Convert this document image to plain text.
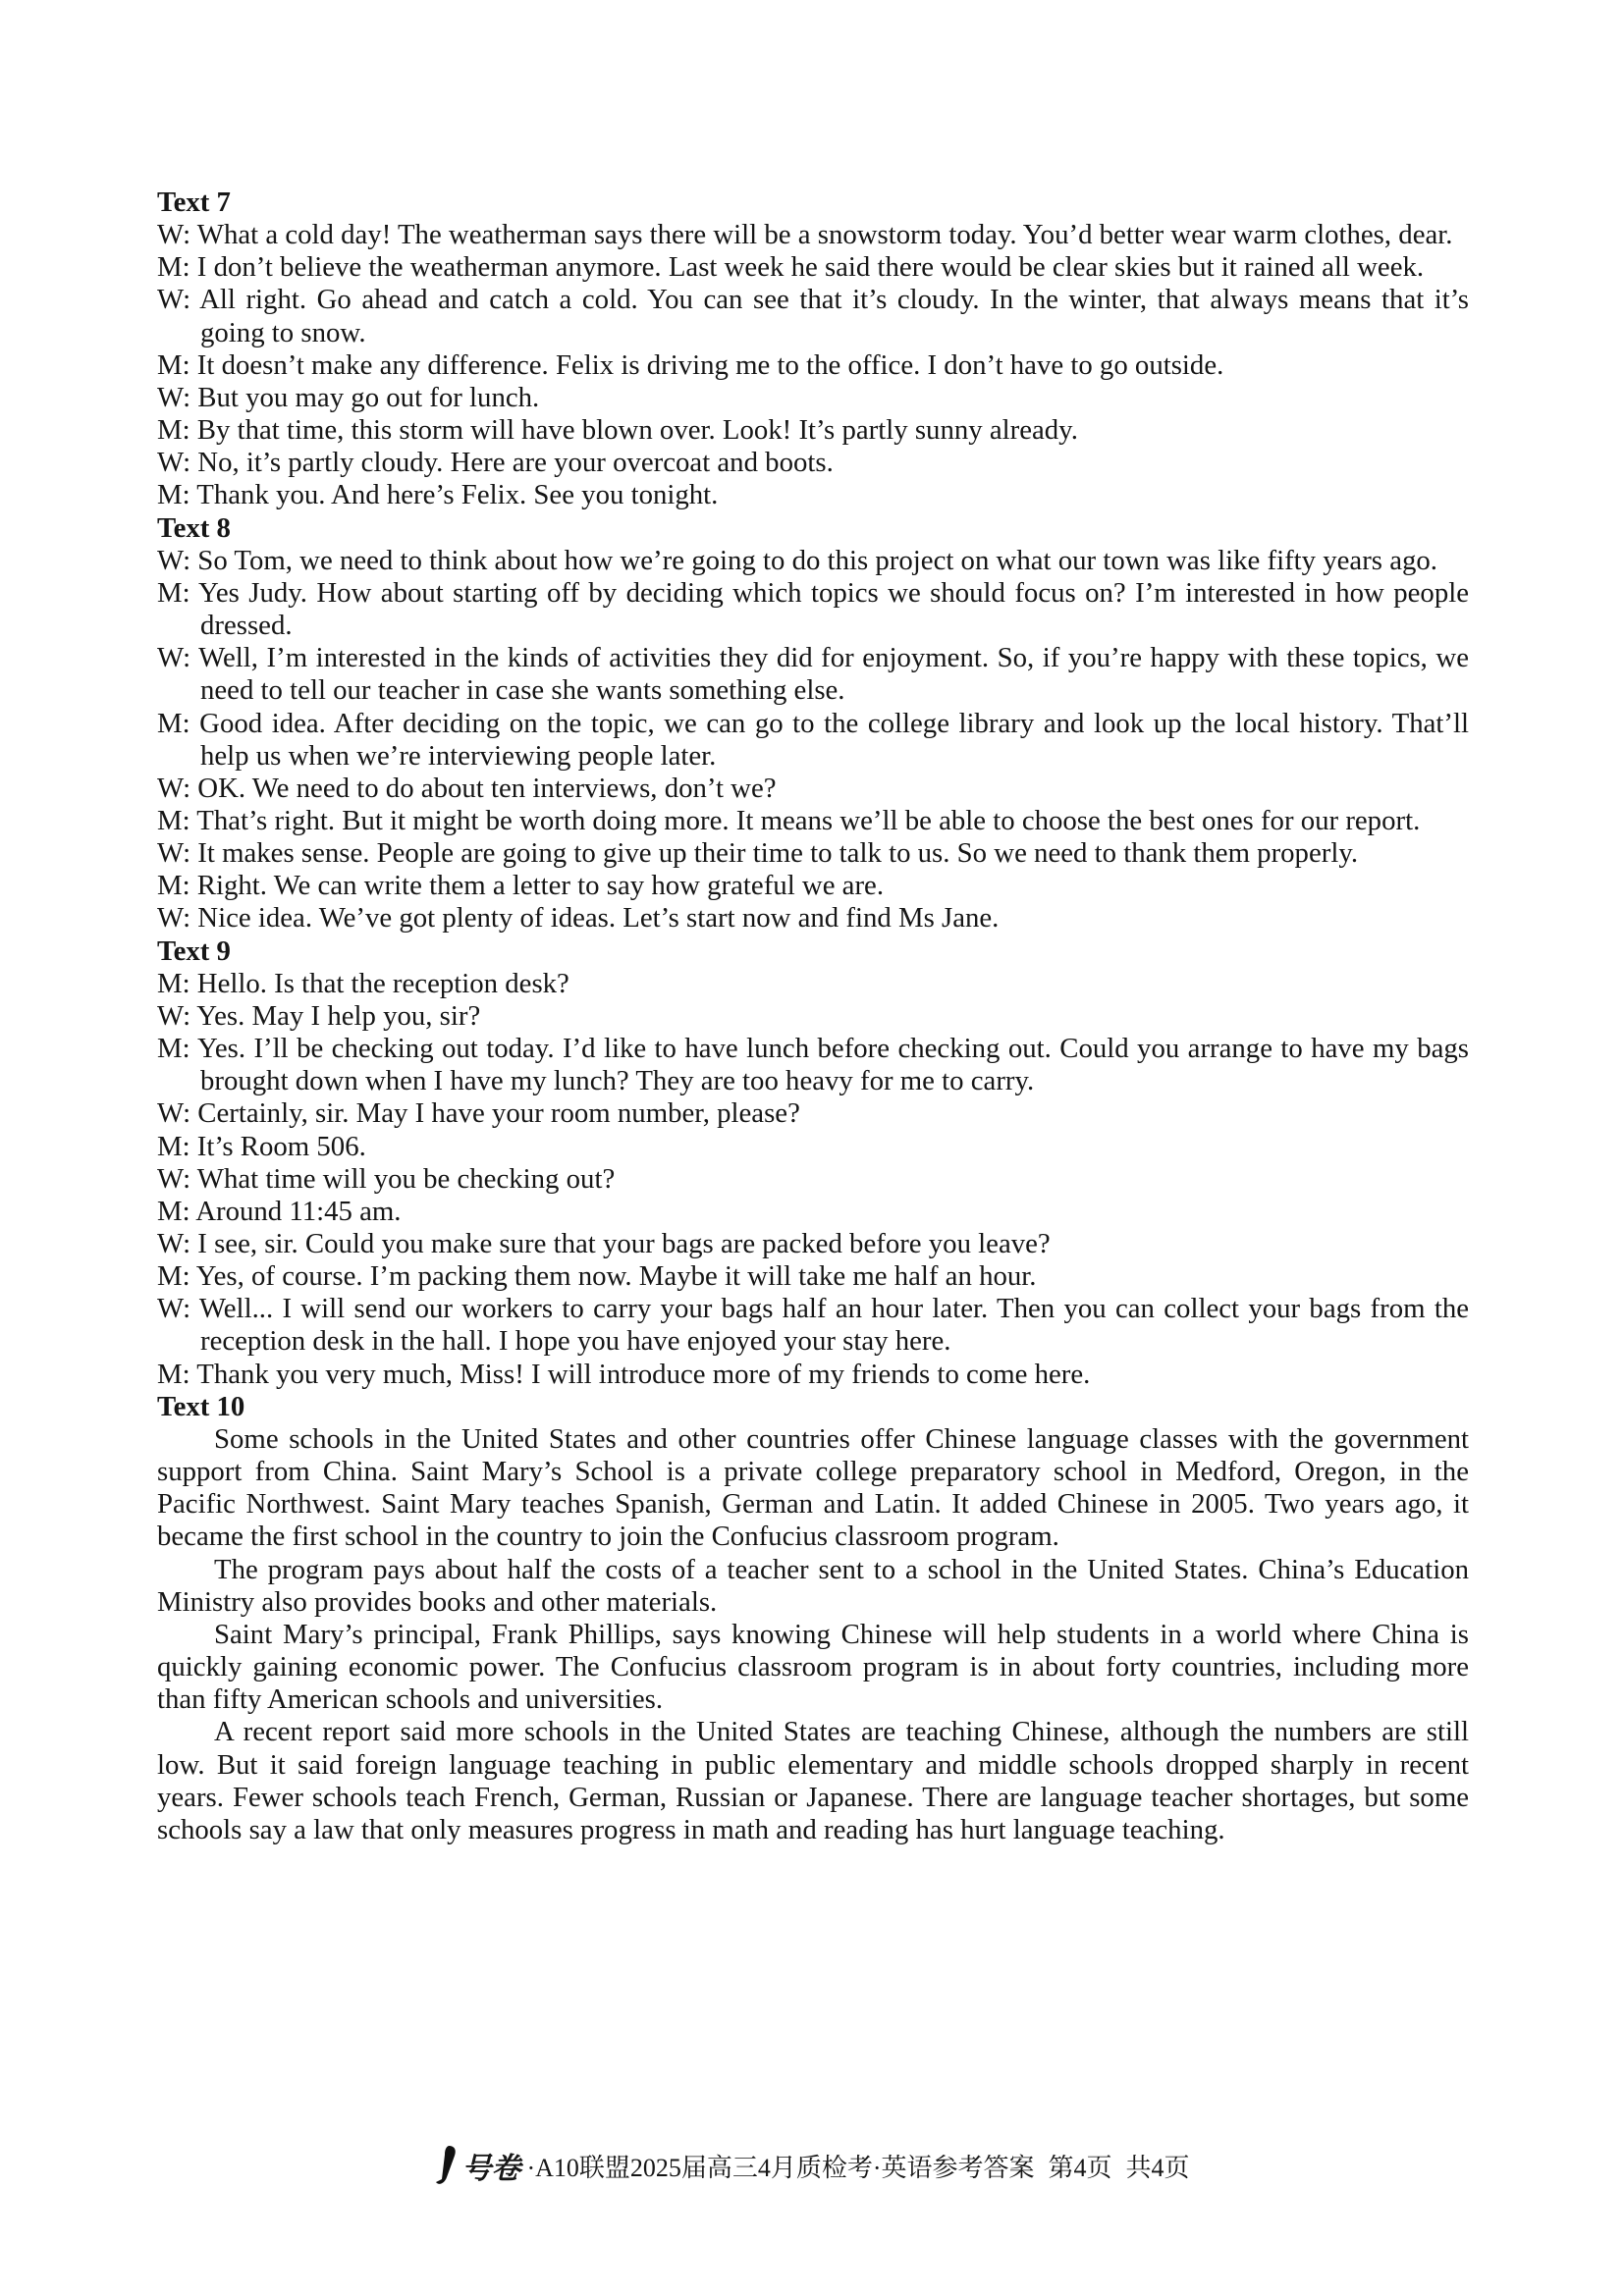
Text 7
W: What a cold day! The weatherman says there will be a snowstorm today. You’d better wear warm clothes, dear.
M: I don’t believe the weatherman anymore. Last week he said there would be clear skies but it rained all week.
W: All right. Go ahead and catch a cold. You can see that it’s cloudy. In the winter, that always means that it’s
going to snow.
M: It doesn’t make any difference. Felix is driving me to the office. I don’t have to go outside.
W: But you may go out for lunch.
M: By that time, this storm will have blown over. Look! It’s partly sunny already.
W: No, it’s partly cloudy. Here are your overcoat and boots.
M: Thank you. And here’s Felix. See you tonight.
Text 8
W: So Tom, we need to think about how we’re going to do this project on what our town was like fifty years ago.
M: Yes Judy. How about starting off by deciding which topics we should focus on? I’m interested in how people
dressed.
W: Well, I’m interested in the kinds of activities they did for enjoyment. So, if you’re happy with these topics, we
need to tell our teacher in case she wants something else.
M: Good idea. After deciding on the topic, we can go to the college library and look up the local history. That’ll
help us when we’re interviewing people later.
W: OK. We need to do about ten interviews, don’t we?
M: That’s right. But it might be worth doing more. It means we’ll be able to choose the best ones for our report.
W: It makes sense. People are going to give up their time to talk to us. So we need to thank them properly.
M: Right. We can write them a letter to say how grateful we are.
W: Nice idea. We’ve got plenty of ideas. Let’s start now and find Ms Jane.
Text 9
M: Hello. Is that the reception desk?
W: Yes. May I help you, sir?
M: Yes. I’ll be checking out today. I’d like to have lunch before checking out. Could you arrange to have my bags
brought down when I have my lunch? They are too heavy for me to carry.
W: Certainly, sir. May I have your room number, please?
M: It’s Room 506.
W: What time will you be checking out?
M: Around 11:45 am.
W: I see, sir. Could you make sure that your bags are packed before you leave?
M: Yes, of course. I’m packing them now. Maybe it will take me half an hour.
W: Well... I will send our workers to carry your bags half an hour later. Then you can collect your bags from the
reception desk in the hall. I hope you have enjoyed your stay here.
M: Thank you very much, Miss! I will introduce more of my friends to come here.
Text 10
Some schools in the United States and other countries offer Chinese language classes with the government
support from China. Saint Mary’s School is a private college preparatory school in Medford, Oregon, in the
Pacific Northwest. Saint Mary teaches Spanish, German and Latin. It added Chinese in 2005. Two years ago, it
became the first school in the country to join the Confucius classroom program.
The program pays about half the costs of a teacher sent to a school in the United States. China’s Education
Ministry also provides books and other materials.
Saint Mary’s principal, Frank Phillips, says knowing Chinese will help students in a world where China is
quickly gaining economic power. The Confucius classroom program is in about forty countries, including more
than fifty American schools and universities.
A recent report said more schools in the United States are teaching Chinese, although the numbers are still
low. But it said foreign language teaching in public elementary and middle schools dropped sharply in recent
years. Fewer schools teach French, German, Russian or Japanese. There are language teacher shortages, but some
schools say a law that only measures progress in math and reading has hurt language teaching.
号卷 ·A10联盟2025届高三4月质检考·英语参考答案 第4页 共4页
